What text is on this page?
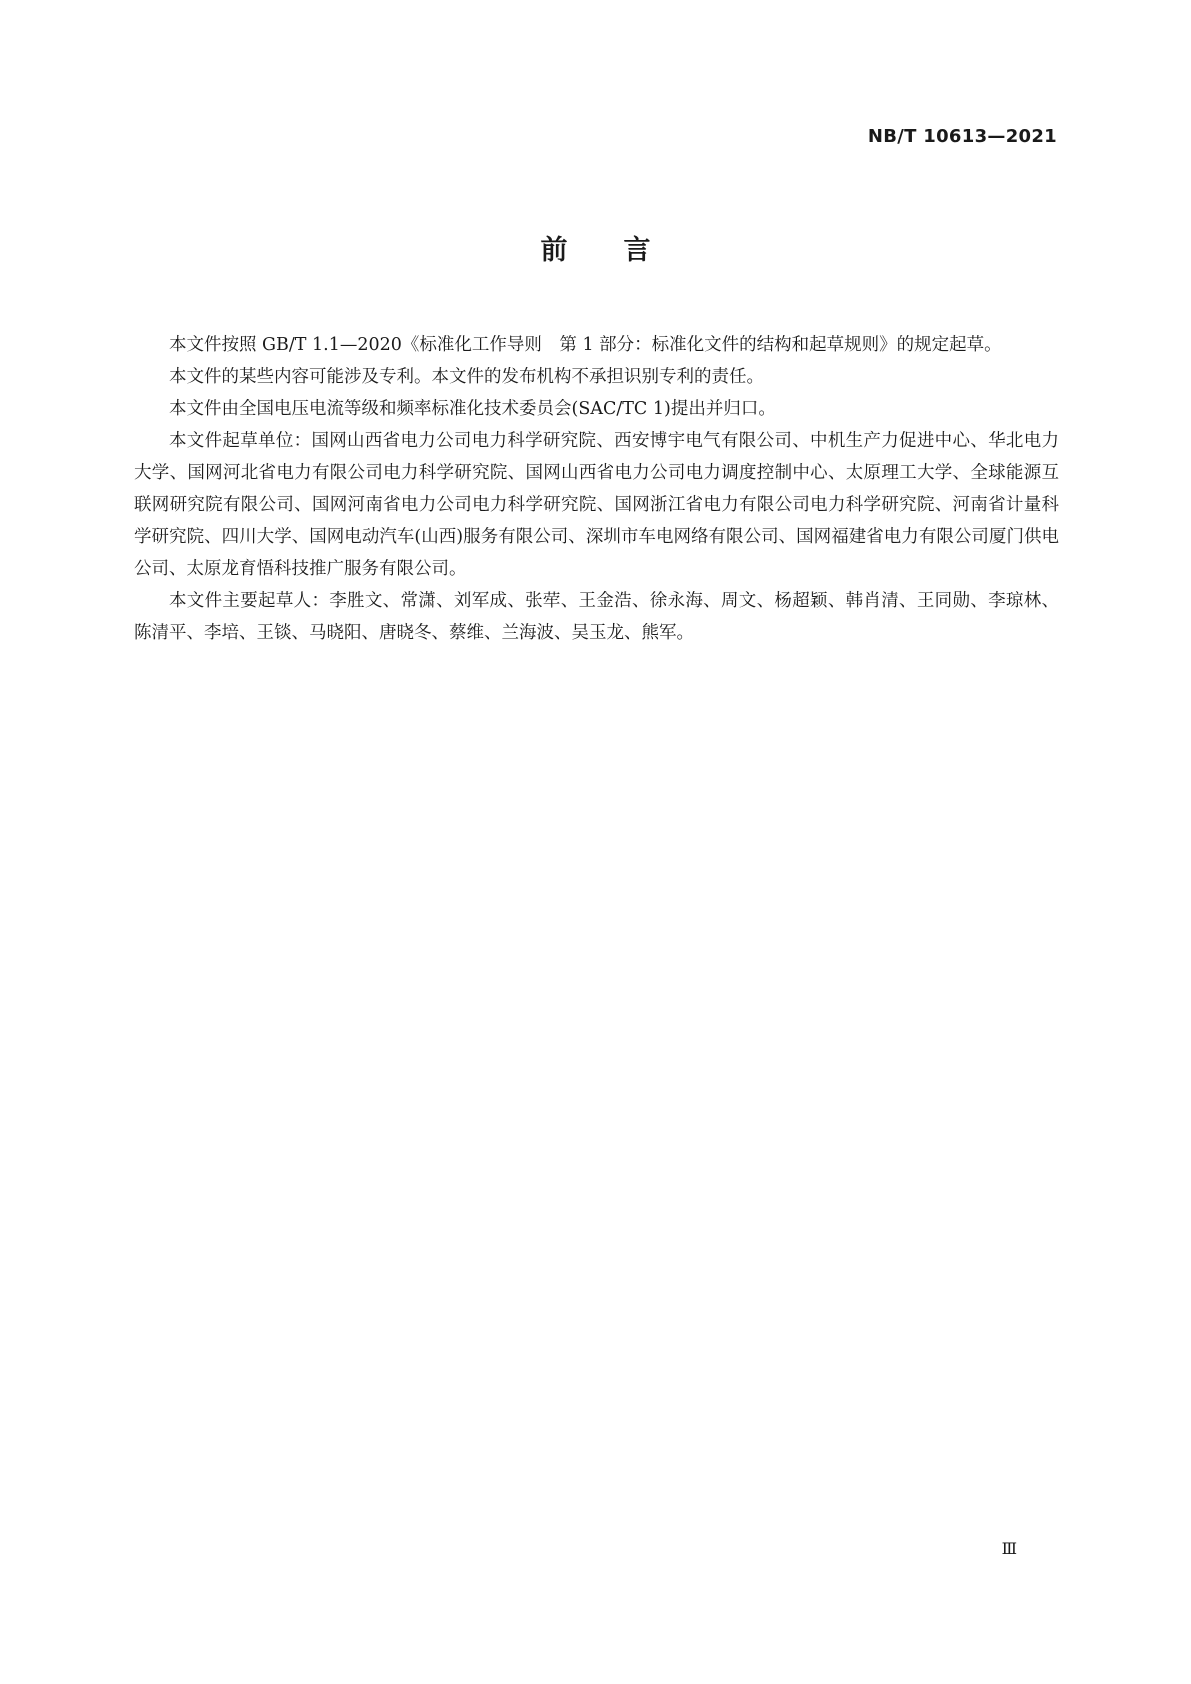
NB/T 10613—2021
前言

本文件按照 GB/T 1.1—2020《标准化工作导则　第 1 部分：标准化文件的结构和起草规则》的规定起草。

本文件的某些内容可能涉及专利。本文件的发布机构不承担识别专利的责任。

本文件由全国电压电流等级和频率标准化技术委员会(SAC/TC 1)提出并归口。

本文件起草单位：国网山西省电力公司电力科学研究院、西安博宇电气有限公司、中机生产力促进中心、华北电力大学、国网河北省电力有限公司电力科学研究院、国网山西省电力公司电力调度控制中心、太原理工大学、全球能源互联网研究院有限公司、国网河南省电力公司电力科学研究院、国网浙江省电力有限公司电力科学研究院、河南省计量科学研究院、四川大学、国网电动汽车(山西)服务有限公司、深圳市车电网络有限公司、国网福建省电力有限公司厦门供电公司、太原龙育悟科技推广服务有限公司。

本文件主要起草人：李胜文、常潇、刘军成、张荦、王金浩、徐永海、周文、杨超颖、韩肖清、王同勋、李琼林、陈清平、李培、王锬、马晓阳、唐晓冬、蔡维、兰海波、吴玉龙、熊军。

Ⅲ
